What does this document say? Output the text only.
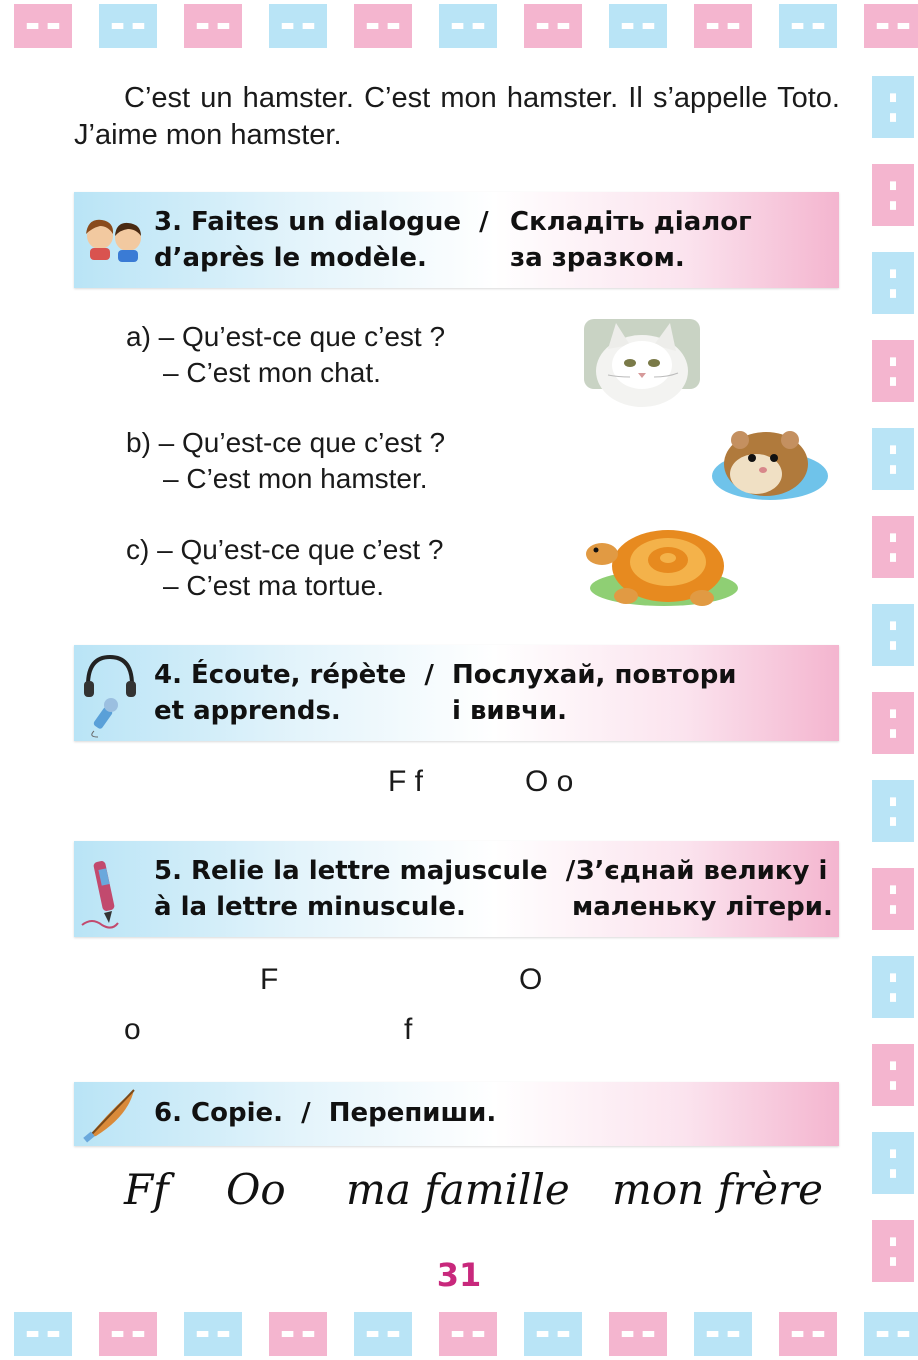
C’est un hamster. C’est mon hamster. Il s’appelle Toto. J’aime mon hamster.
3. Faites un dialogue  /
d’après le modèle.
Складіть діалог
за зразком.
a) – Qu’est-ce que c’est ?
– C’est mon chat.
b) – Qu’est-ce que c’est ?
– C’est mon hamster.
c) – Qu’est-ce que c’est ?
– C’est ma tortue.
4. Écoute, répète  /
et apprends.
Послухай, повтори
і вивчи.
F f	O o
5. Relie la lettre majuscule  /
à la lettre minuscule.
З’єднай велику і
маленьку літери.
F	O
o	f
6. Copie.  /  Перепиши.
Ff Oo ma famille mon frère
31
